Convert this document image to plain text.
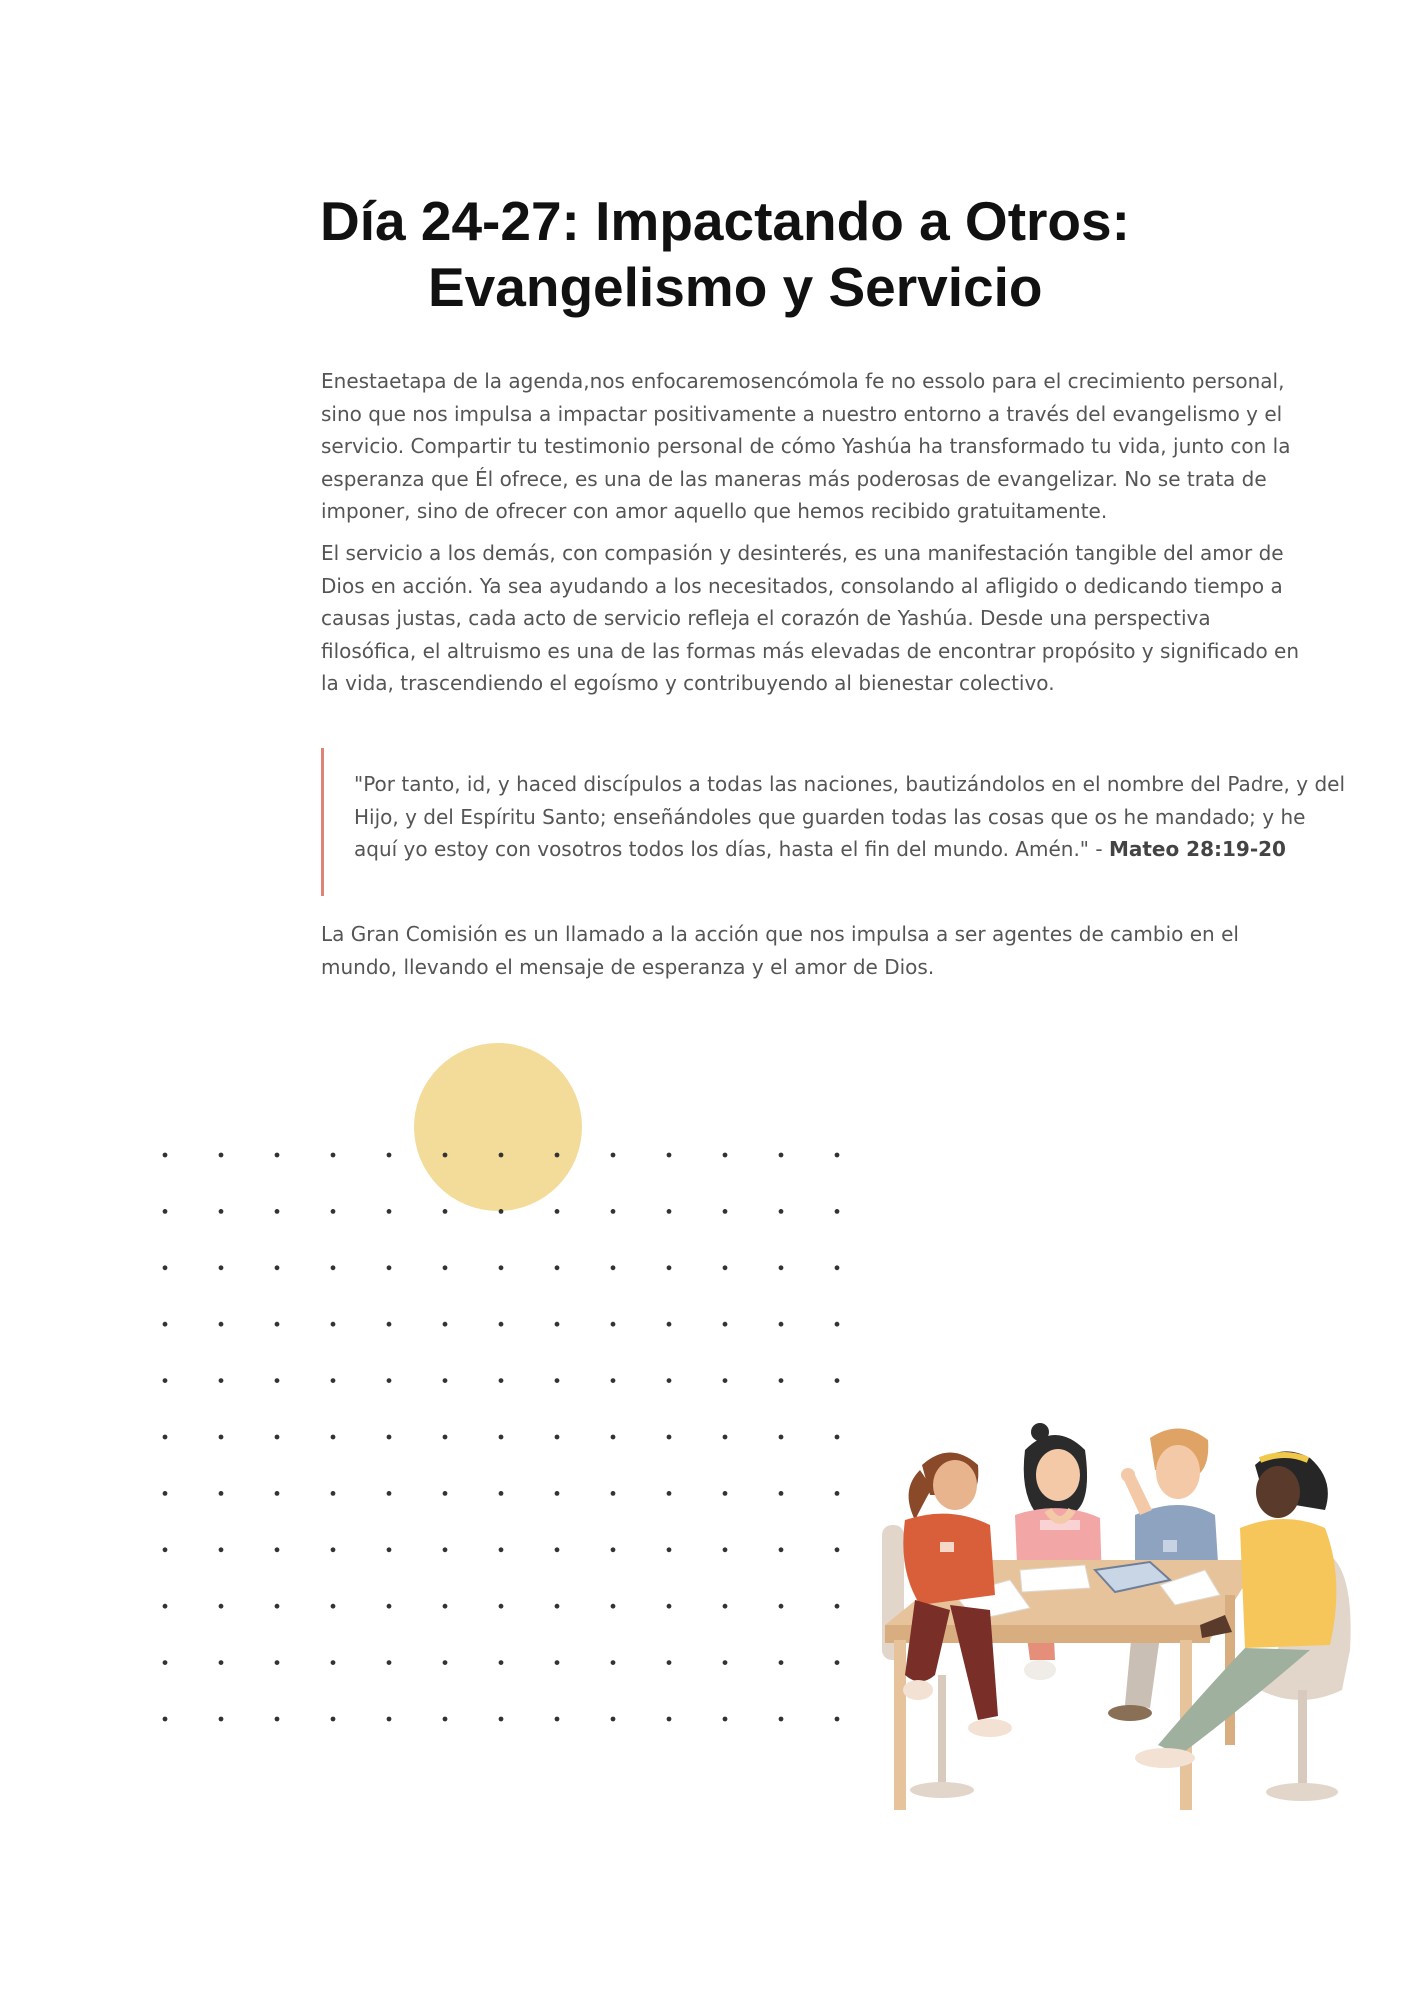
Día 24-27: Impactando a Otros:

Evangelismo y Servicio

Enestaetapa de la agenda,nos enfocaremosencómola fe no essolo para el crecimiento personal, sino que nos impulsa a impactar positivamente a nuestro entorno a través del evangelismo y el servicio. Compartir tu testimonio personal de cómo Yashúa ha transformado tu vida, junto con la esperanza que Él ofrece, es una de las maneras más poderosas de evangelizar. No se trata de imponer, sino de ofrecer con amor aquello que hemos recibido gratuitamente.

El servicio a los demás, con compasión y desinterés, es una manifestación tangible del amor de Dios en acción. Ya sea ayudando a los necesitados, consolando al afligido o dedicando tiempo a causas justas, cada acto de servicio refleja el corazón de Yashúa. Desde una perspectiva filosófica, el altruismo es una de las formas más elevadas de encontrar propósito y significado en la vida, trascendiendo el egoísmo y contribuyendo al bienestar colectivo.

"Por tanto, id, y haced discípulos a todas las naciones, bautizándolos en el nombre del Padre, y del Hijo, y del Espíritu Santo; enseñándoles que guarden todas las cosas que os he mandado; y he aquí yo estoy con vosotros todos los días, hasta el fin del mundo. Amén." - Mateo 28:19-20

La Gran Comisión es un llamado a la acción que nos impulsa a ser agentes de cambio en el mundo, llevando el mensaje de esperanza y el amor de Dios.
